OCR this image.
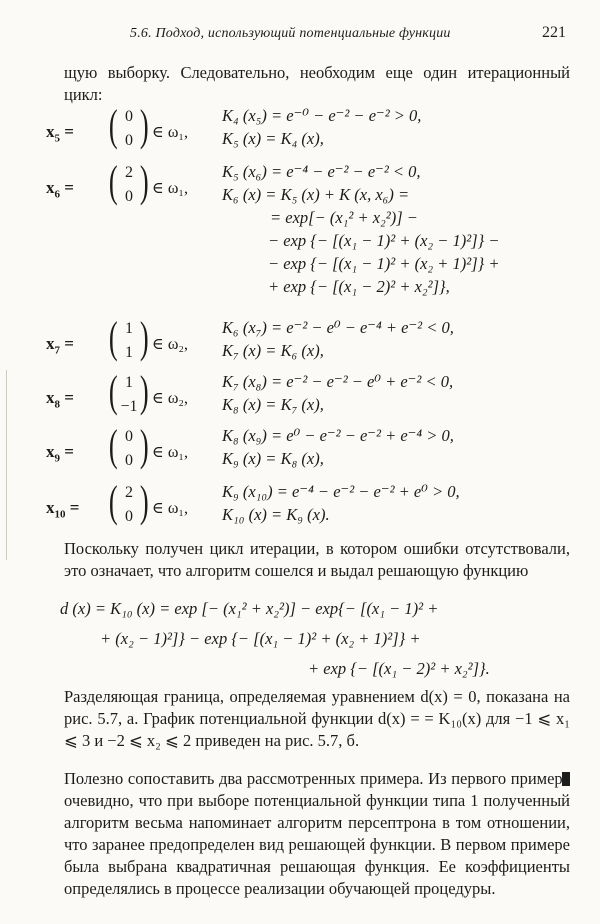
5.6. Подход, использующий потенциальные функции	221
щую выборку. Следовательно, необходим еще один итерационный цикл:
$x_5$ = ( )
0
0	∈ ω₁,
K₄ (x₅) = e⁻⁰ − e⁻² − e⁻² > 0,
K₅ (x) = K₄ (x),
$x_6$ = ( )
2
0	∈ ω₁,
K₅ (x₆) = e⁻⁴ − e⁻² − e⁻² < 0,
K₆ (x) = K₅ (x) + K (x, x₆) =
= exp[− (x₁² + x₂²)] −
− exp {− [(x₁ − 1)² + (x₂ − 1)²]} −
− exp {− [(x₁ − 1)² + (x₂ + 1)²]} +
+ exp {− [(x₁ − 2)² + x₂²]},
$x_7$ = ( )
1
1	∈ ω₂,
K₆ (x₇) = e⁻² − e⁰ − e⁻⁴ + e⁻² < 0,
K₇ (x) = K₆ (x),
$x_8$ = ( )
1
−1 ∈ ω₂,
K₇ (x₈) = e⁻² − e⁻² − e⁰ + e⁻² < 0,
K₈ (x) = K₇ (x),
$x_9$ = ( )
0
0	∈ ω₁,
K₈ (x₉) = e⁰ − e⁻² − e⁻² + e⁻⁴ > 0,
K₉ (x) = K₈ (x),
$x_{10}$ = ( )
2
0	∈ ω₁,
K₉ (x₁₀) = e⁻⁴ − e⁻² − e⁻² + e⁰ > 0,
K₁₀ (x) = K₉ (x).
Поскольку получен цикл итерации, в котором ошибки отсутствовали, это означает, что алгоритм сошелся и выдал решающую функцию
d (x) = K₁₀ (x) = exp [− (x₁² + x₂²)] − exp{− [(x₁ − 1)² +
+ (x₂ − 1)²]} − exp {− [(x₁ − 1)² + (x₂ + 1)²]} +
+ exp {− [(x₁ − 2)² + x₂²]}.
Разделяющая граница, определяемая уравнением d(x) = 0, показана на рис. 5.7, а. График потенциальной функции d(x) = = K₁₀(x) для −1 ⩽ x₁ ⩽ 3 и −2 ⩽ x₂ ⩽ 2 приведен на рис. 5.7, б.
Полезно сопоставить два рассмотренных примера. Из первого примера очевидно, что при выборе потенциальной функции типа 1 полученный алгоритм весьма напоминает алгоритм персептрона в том отношении, что заранее предопределен вид решающей функции. В первом примере была выбрана квадратичная решающая функция. Ее коэффициенты определялись в процессе реализации обучающей процедуры.
